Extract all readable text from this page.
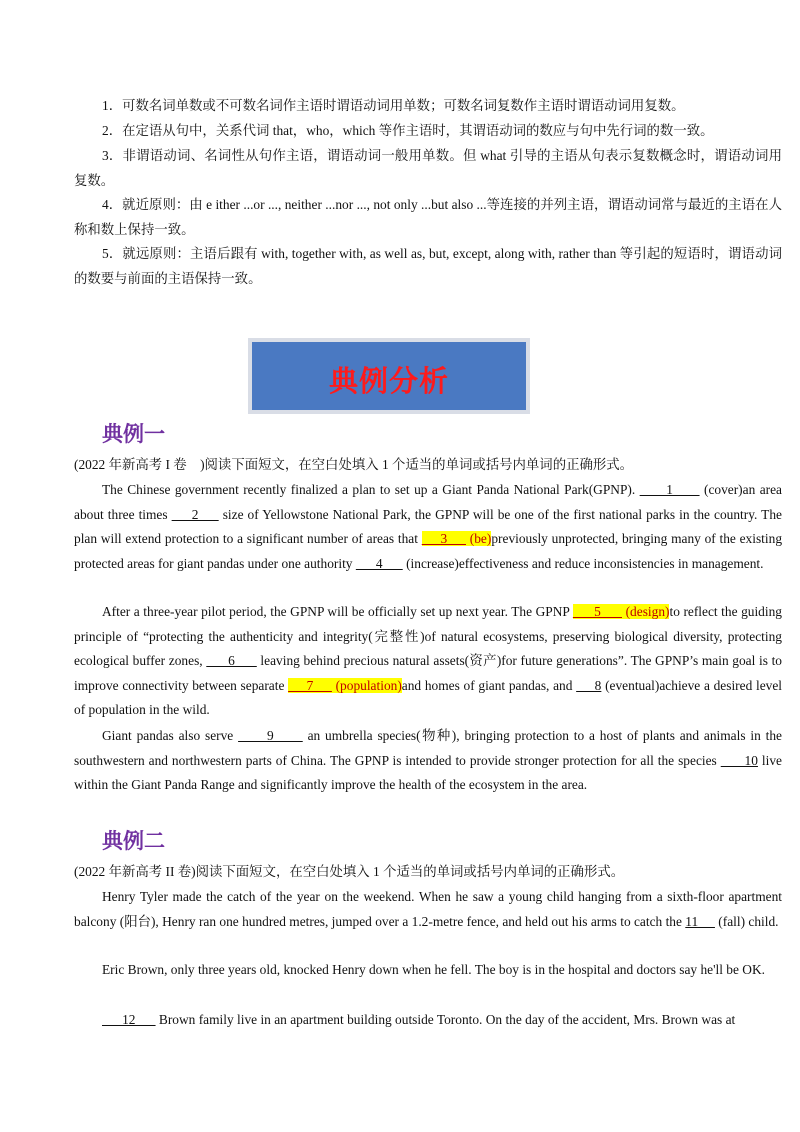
1．可数名词单数或不可数名词作主语时谓语动词用单数；可数名词复数作主语时谓语动词用复数。
2．在定语从句中，关系代词 that，who，which 等作主语时，其谓语动词的数应与句中先行词的数一致。
3．非谓语动词、名词性从句作主语，谓语动词一般用单数。但 what 引导的主语从句表示复数概念时，谓语动词用复数。
4．就近原则：由 e ither ...or ..., neither ...nor ..., not only ...but also ...等连接的并列主语，谓语动词常与最近的主语在人称和数上保持一致。
5．就远原则：主语后跟有 with, together with, as well as, but, except, along with, rather than 等引起的短语时，谓语动词的数要与前面的主语保持一致。
典例分析
典例一
(2022 年新高考 I 卷　)阅读下面短文，在空白处填入 1 个适当的单词或括号内单词的正确形式。
The Chinese government recently finalized a plan to set up a Giant Panda National Park(GPNP).       1       (cover)an area about three times      2      size of Yellowstone National Park, the GPNP will be one of the first national parks in the country. The plan will extend protection to a significant number of areas that      3      (be)previously unprotected, bringing many of the existing protected areas for giant pandas under one authority       4       (increase)effectiveness and reduce inconsistencies in management.
After a three-year pilot period, the GPNP will be officially set up next year. The GPNP       5       (design)to reflect the guiding principle of “protecting the authenticity and integrity(完整性)of natural ecosystems, preserving biological diversity, protecting ecological buffer zones,       6       leaving behind precious natural assets(资产)for future generations”. The GPNP’s main goal is to improve connectivity between separate      7      (population)and homes of giant pandas, and      8 (eventual)achieve a desired level of population in the wild.
Giant pandas also serve       9       an umbrella species(物种), bringing protection to a host of plants and animals in the southwestern and northwestern parts of China. The GPNP is intended to provide stronger protection for all the species       10 live within the Giant Panda Range and significantly improve the health of the ecosystem in the area.
典例二
(2022 年新高考 II 卷)阅读下面短文，在空白处填入 1 个适当的单词或括号内单词的正确形式。
Henry Tyler made the catch of the year on the weekend. When he saw a young child hanging from a sixth-floor apartment balcony (阳台), Henry ran one hundred metres, jumped over a 1.2-metre fence, and held out his arms to catch the 11      (fall) child.
Eric Brown, only three years old, knocked Henry down when he fell. The boy is in the hospital and doctors say he'll be OK.
12       Brown family live in an apartment building outside Toronto. On the day of the accident, Mrs. Brown was at
